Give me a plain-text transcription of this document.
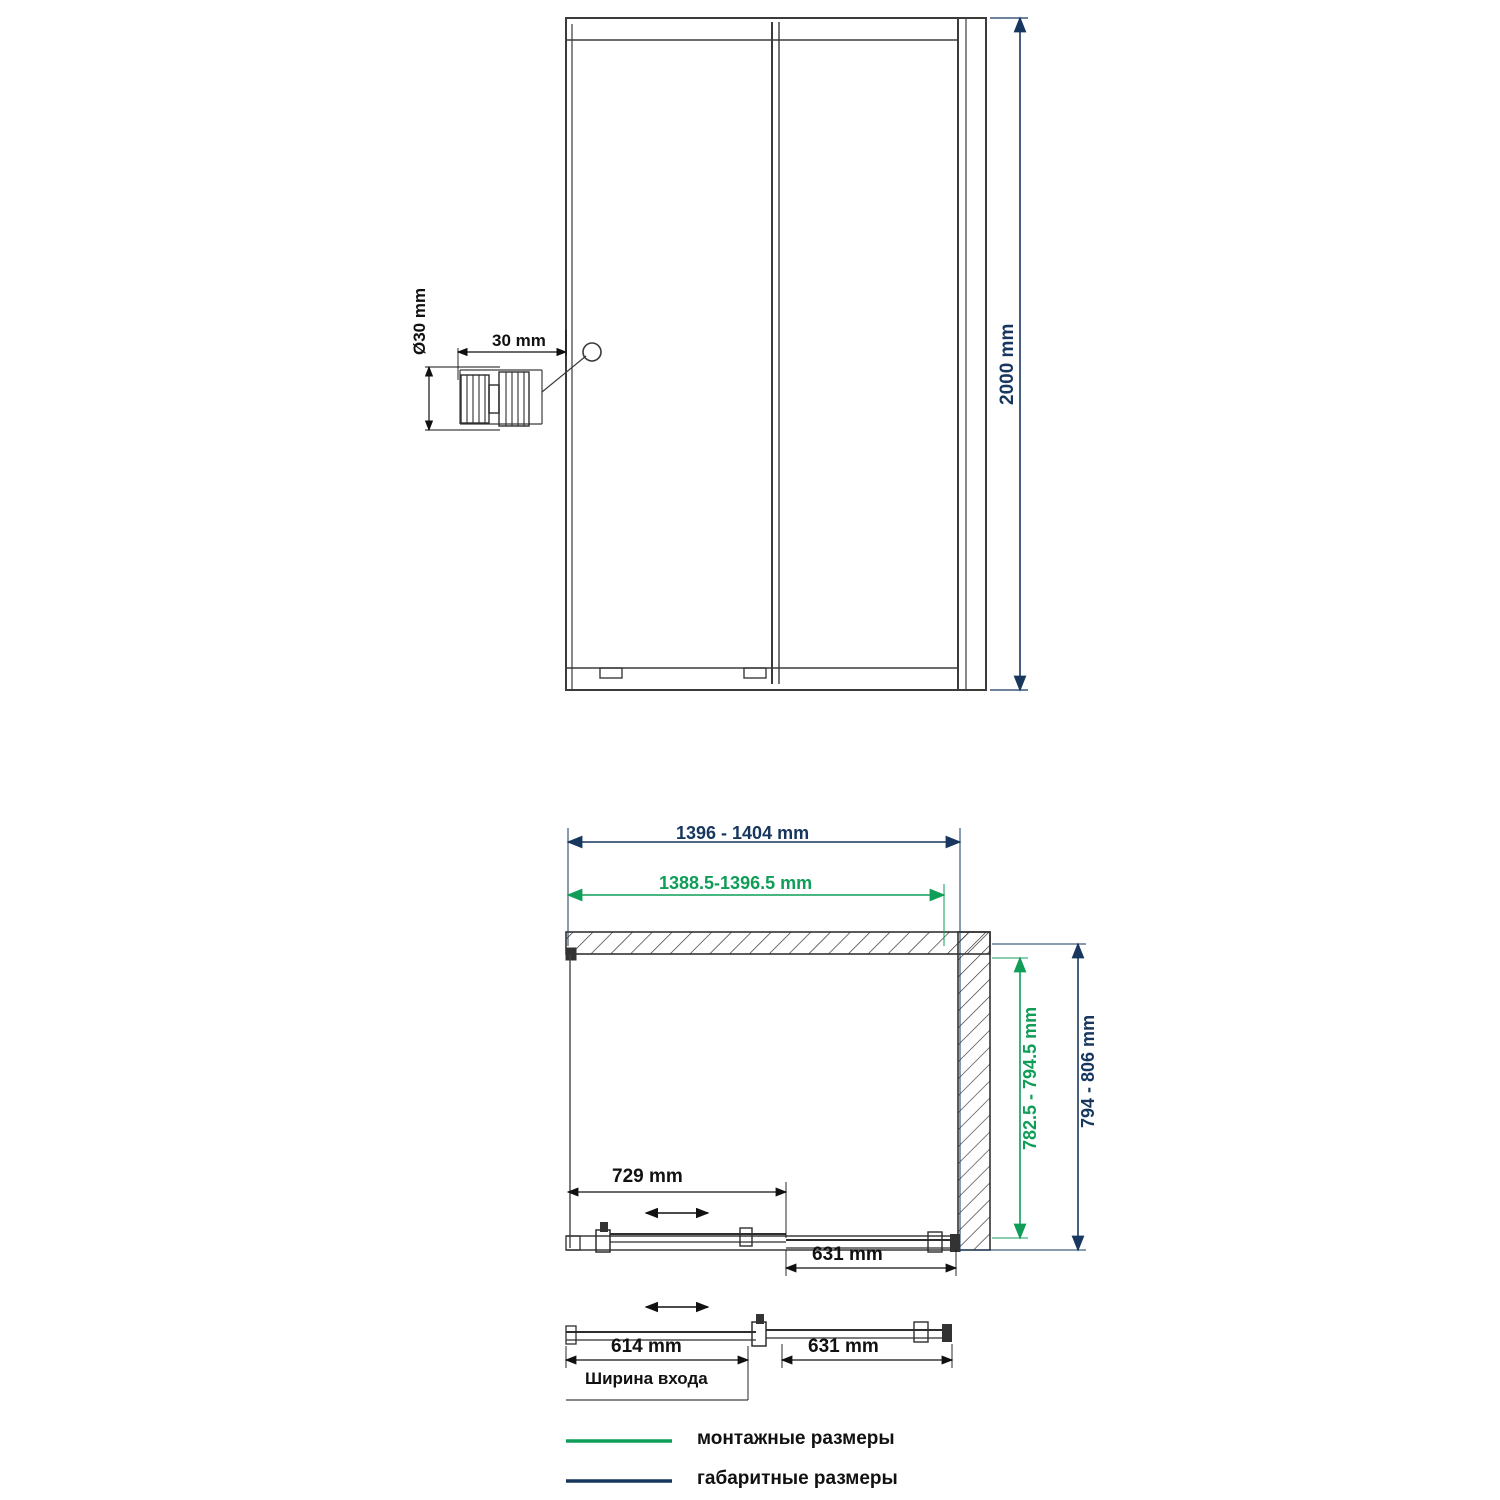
2000 mm
Ø30 mm	30 mm
1396 - 1404 mm
1388.5-1396.5 mm
794 - 806 mm
782.5 - 794.5 mm
729 mm
631 mm
614 mm
Ширина входа
631 mm
монтажные размеры
габаритные размеры
